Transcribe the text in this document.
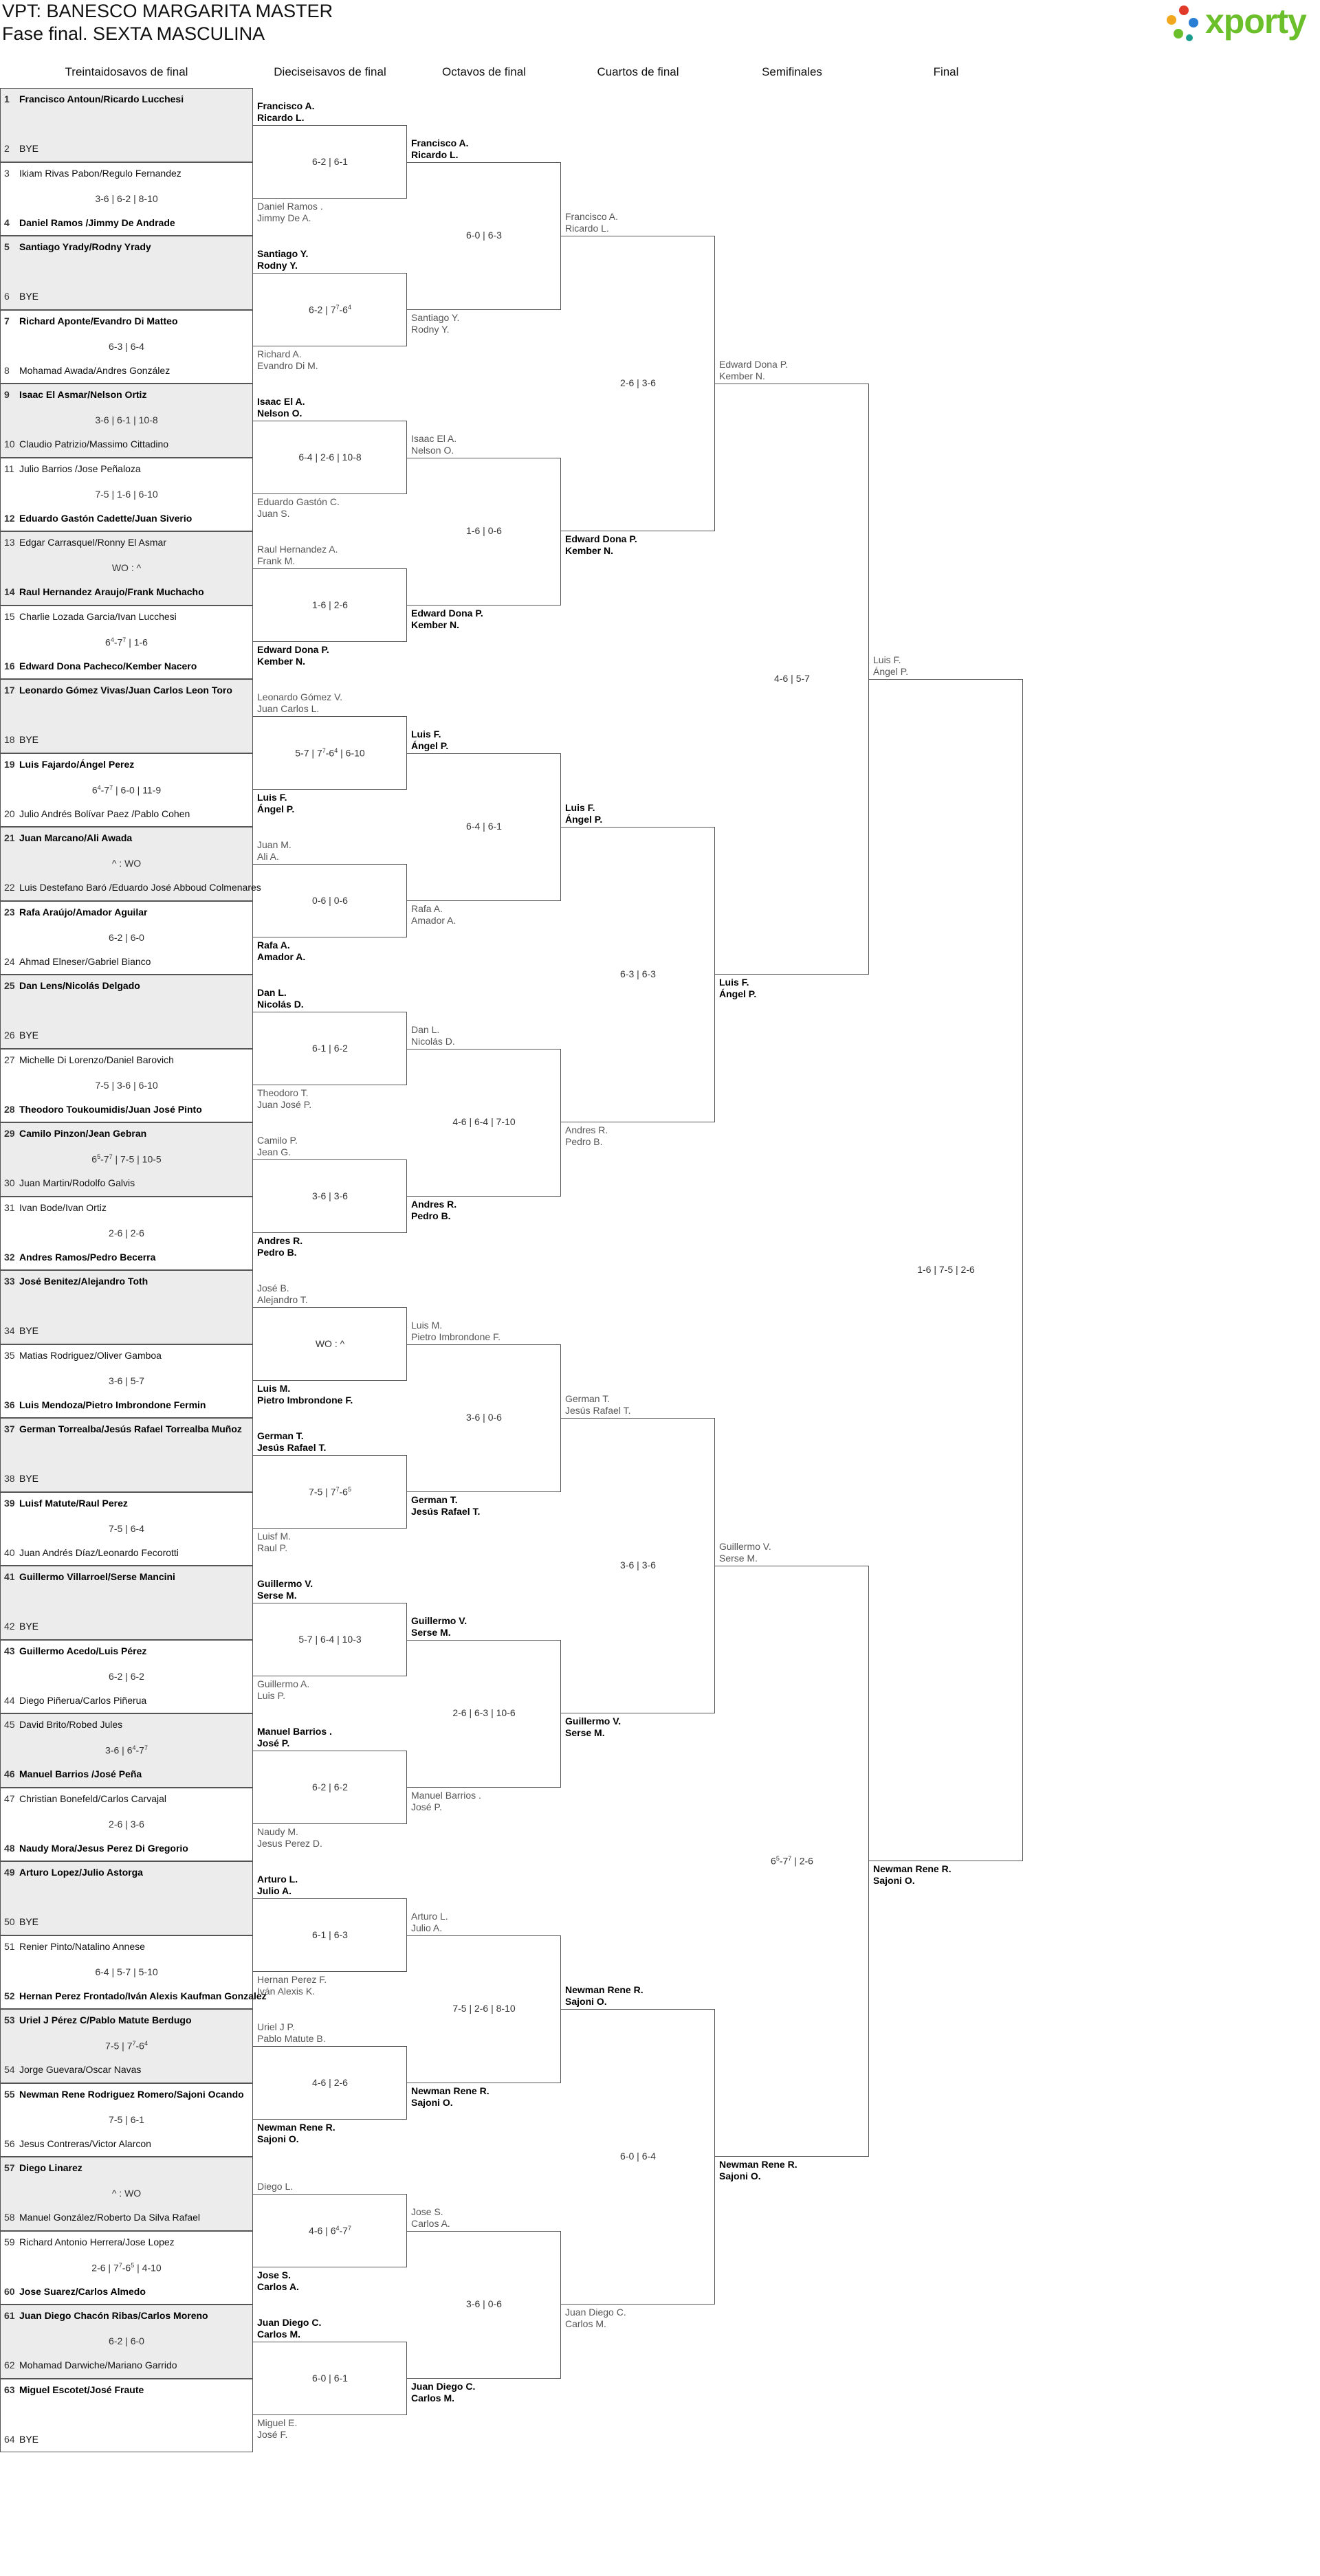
VPT: BANESCO MARGARITA MASTER
Fase final. SEXTA MASCULINA	xporty
Treintaidosavos de final	Dieciseisavos de final	Octavos de final	Cuartos de final	Semifinales	Final
1 Francisco Antoun/Ricardo Lucchesi
2 BYE
3 Ikiam Rivas Pabon/Regulo Fernandez
3-6 | 6-2 | 8-10
4 Daniel Ramos /Jimmy De Andrade
5 Santiago Yrady/Rodny Yrady
6 BYE
7 Richard Aponte/Evandro Di Matteo
6-3 | 6-4
8 Mohamad Awada/Andres González
9 Isaac El Asmar/Nelson Ortiz
3-6 | 6-1 | 10-8
10 Claudio Patrizio/Massimo Cittadino
11 Julio Barrios /Jose Peñaloza
7-5 | 1-6 | 6-10
12 Eduardo Gastón Cadette/Juan Siverio
13 Edgar Carrasquel/Ronny El Asmar
WO : ^
14 Raul Hernandez Araujo/Frank Muchacho
15 Charlie Lozada Garcia/Ivan Lucchesi
$6^4-7^7$ | 1-6
16 Edward Dona Pacheco/Kember Nacero
17 Leonardo Gómez Vivas/Juan Carlos Leon Toro
18 BYE
19 Luis Fajardo/Ángel Perez
$6^4-7^7$ | 6-0 | 11-9
20 Julio Andrés Bolívar Paez /Pablo Cohen
21 Juan Marcano/Ali Awada
^ : WO
22 Luis Destefano Baró /Eduardo José Abboud Colmenares
23 Rafa Araújo/Amador Aguilar
6-2 | 6-0
24 Ahmad Elneser/Gabriel Bianco
25 Dan Lens/Nicolás Delgado
26 BYE
27 Michelle Di Lorenzo/Daniel Barovich
7-5 | 3-6 | 6-10
28 Theodoro Toukoumidis/Juan José Pinto
29 Camilo Pinzon/Jean Gebran
$6^5-7^7$ | 7-5 | 10-5
30 Juan Martin/Rodolfo Galvis
31 Ivan Bode/Ivan Ortiz
2-6 | 2-6
32 Andres Ramos/Pedro Becerra
33 José Benitez/Alejandro Toth
34 BYE
35 Matias Rodriguez/Oliver Gamboa
3-6 | 5-7
36 Luis Mendoza/Pietro Imbrondone Fermin
37 German Torrealba/Jesús Rafael Torrealba Muñoz
38 BYE
39 Luisf Matute/Raul Perez
7-5 | 6-4
40 Juan Andrés Díaz/Leonardo Fecorotti
41 Guillermo Villarroel/Serse Mancini
42 BYE
43 Guillermo Acedo/Luis Pérez
6-2 | 6-2
44 Diego Piñerua/Carlos Piñerua
45 David Brito/Robed Jules
3-6 | $6^4-7^7$
46 Manuel Barrios /José Peña
47 Christian Bonefeld/Carlos Carvajal
2-6 | 3-6
48 Naudy Mora/Jesus Perez Di Gregorio
49 Arturo Lopez/Julio Astorga
50 BYE
51 Renier Pinto/Natalino Annese
6-4 | 5-7 | 5-10
52 Hernan Perez Frontado/Iván Alexis Kaufman Gonzalez
53 Uriel J Pérez C/Pablo Matute Berdugo
7-5 | $7^7-6^4$
54 Jorge Guevara/Oscar Navas
55 Newman Rene Rodriguez Romero/Sajoni Ocando
7-5 | 6-1
56 Jesus Contreras/Victor Alarcon
57 Diego Linarez
^ : WO
58 Manuel González/Roberto Da Silva Rafael
59 Richard Antonio Herrera/Jose Lopez
2-6 | $7^7-6^5$ | 4-10
60 Jose Suarez/Carlos Almedo
61 Juan Diego Chacón Ribas/Carlos Moreno
6-2 | 6-0
62 Mohamad Darwiche/Mariano Garrido
63 Miguel Escotet/José Fraute
64 BYE
Francisco A.
Ricardo L.
Daniel Ramos .
Jimmy De A.
6-2 | 6-1
Santiago Y.
Rodny Y.
Richard A.
Evandro Di M.
6-2 | $7^7-6^4$
Isaac El A.
Nelson O.
Eduardo Gastón C.
Juan S.
6-4 | 2-6 | 10-8
Raul Hernandez A.
Frank M.
Edward Dona P.
Kember N.
1-6 | 2-6
Leonardo Gómez V.
Juan Carlos L.
Luis F.
Ángel P.
5-7 | $7^7-6^4$ | 6-10
Juan M.
Ali A.
Rafa A.
Amador A.
0-6 | 0-6
Dan L.
Nicolás D.
Theodoro T.
Juan José P.
6-1 | 6-2
Camilo P.
Jean G.
Andres R.
Pedro B.
3-6 | 3-6
José B.
Alejandro T.
Luis M.
Pietro Imbrondone F.
WO : ^
German T.
Jesús Rafael T.
Luisf M.
Raul P.
7-5 | $7^7-6^5$
Guillermo V.
Serse M.
Guillermo A.
Luis P.
5-7 | 6-4 | 10-3
Manuel Barrios .
José P.
Naudy M.
Jesus Perez D.
6-2 | 6-2
Arturo L.
Julio A.
Hernan Perez F.
Iván Alexis K.
6-1 | 6-3
Uriel J P.
Pablo Matute B.
Newman Rene R.
Sajoni O.
4-6 | 2-6
Diego L.
Jose S.
Carlos A.
4-6 | $6^4-7^7$
Juan Diego C.
Carlos M.
Miguel E.
José F.
6-0 | 6-1
Francisco A.
Ricardo L.
Santiago Y.
Rodny Y.
6-0 | 6-3
Isaac El A.
Nelson O.
Edward Dona P.
Kember N.
1-6 | 0-6
Luis F.
Ángel P.
Rafa A.
Amador A.
6-4 | 6-1
Dan L.
Nicolás D.
Andres R.
Pedro B.
4-6 | 6-4 | 7-10
Luis M.
Pietro Imbrondone F.
German T.
Jesús Rafael T.
3-6 | 0-6
Guillermo V.
Serse M.
Manuel Barrios .
José P.
2-6 | 6-3 | 10-6
Arturo L.
Julio A.
Newman Rene R.
Sajoni O.
7-5 | 2-6 | 8-10
Jose S.
Carlos A.
Juan Diego C.
Carlos M.
3-6 | 0-6
Francisco A.
Ricardo L.
Edward Dona P.
Kember N.
2-6 | 3-6
Luis F.
Ángel P.
Andres R.
Pedro B.
6-3 | 6-3
German T.
Jesús Rafael T.
Guillermo V.
Serse M.
3-6 | 3-6
Newman Rene R.
Sajoni O.
Juan Diego C.
Carlos M.
6-0 | 6-4
Edward Dona P.
Kember N.
Luis F.
Ángel P.
4-6 | 5-7
Guillermo V.
Serse M.
Newman Rene R.
Sajoni O.
$6^5-7^7$ | 2-6
Luis F.
Ángel P.
Newman Rene R.
Sajoni O.
1-6 | 7-5 | 2-6
